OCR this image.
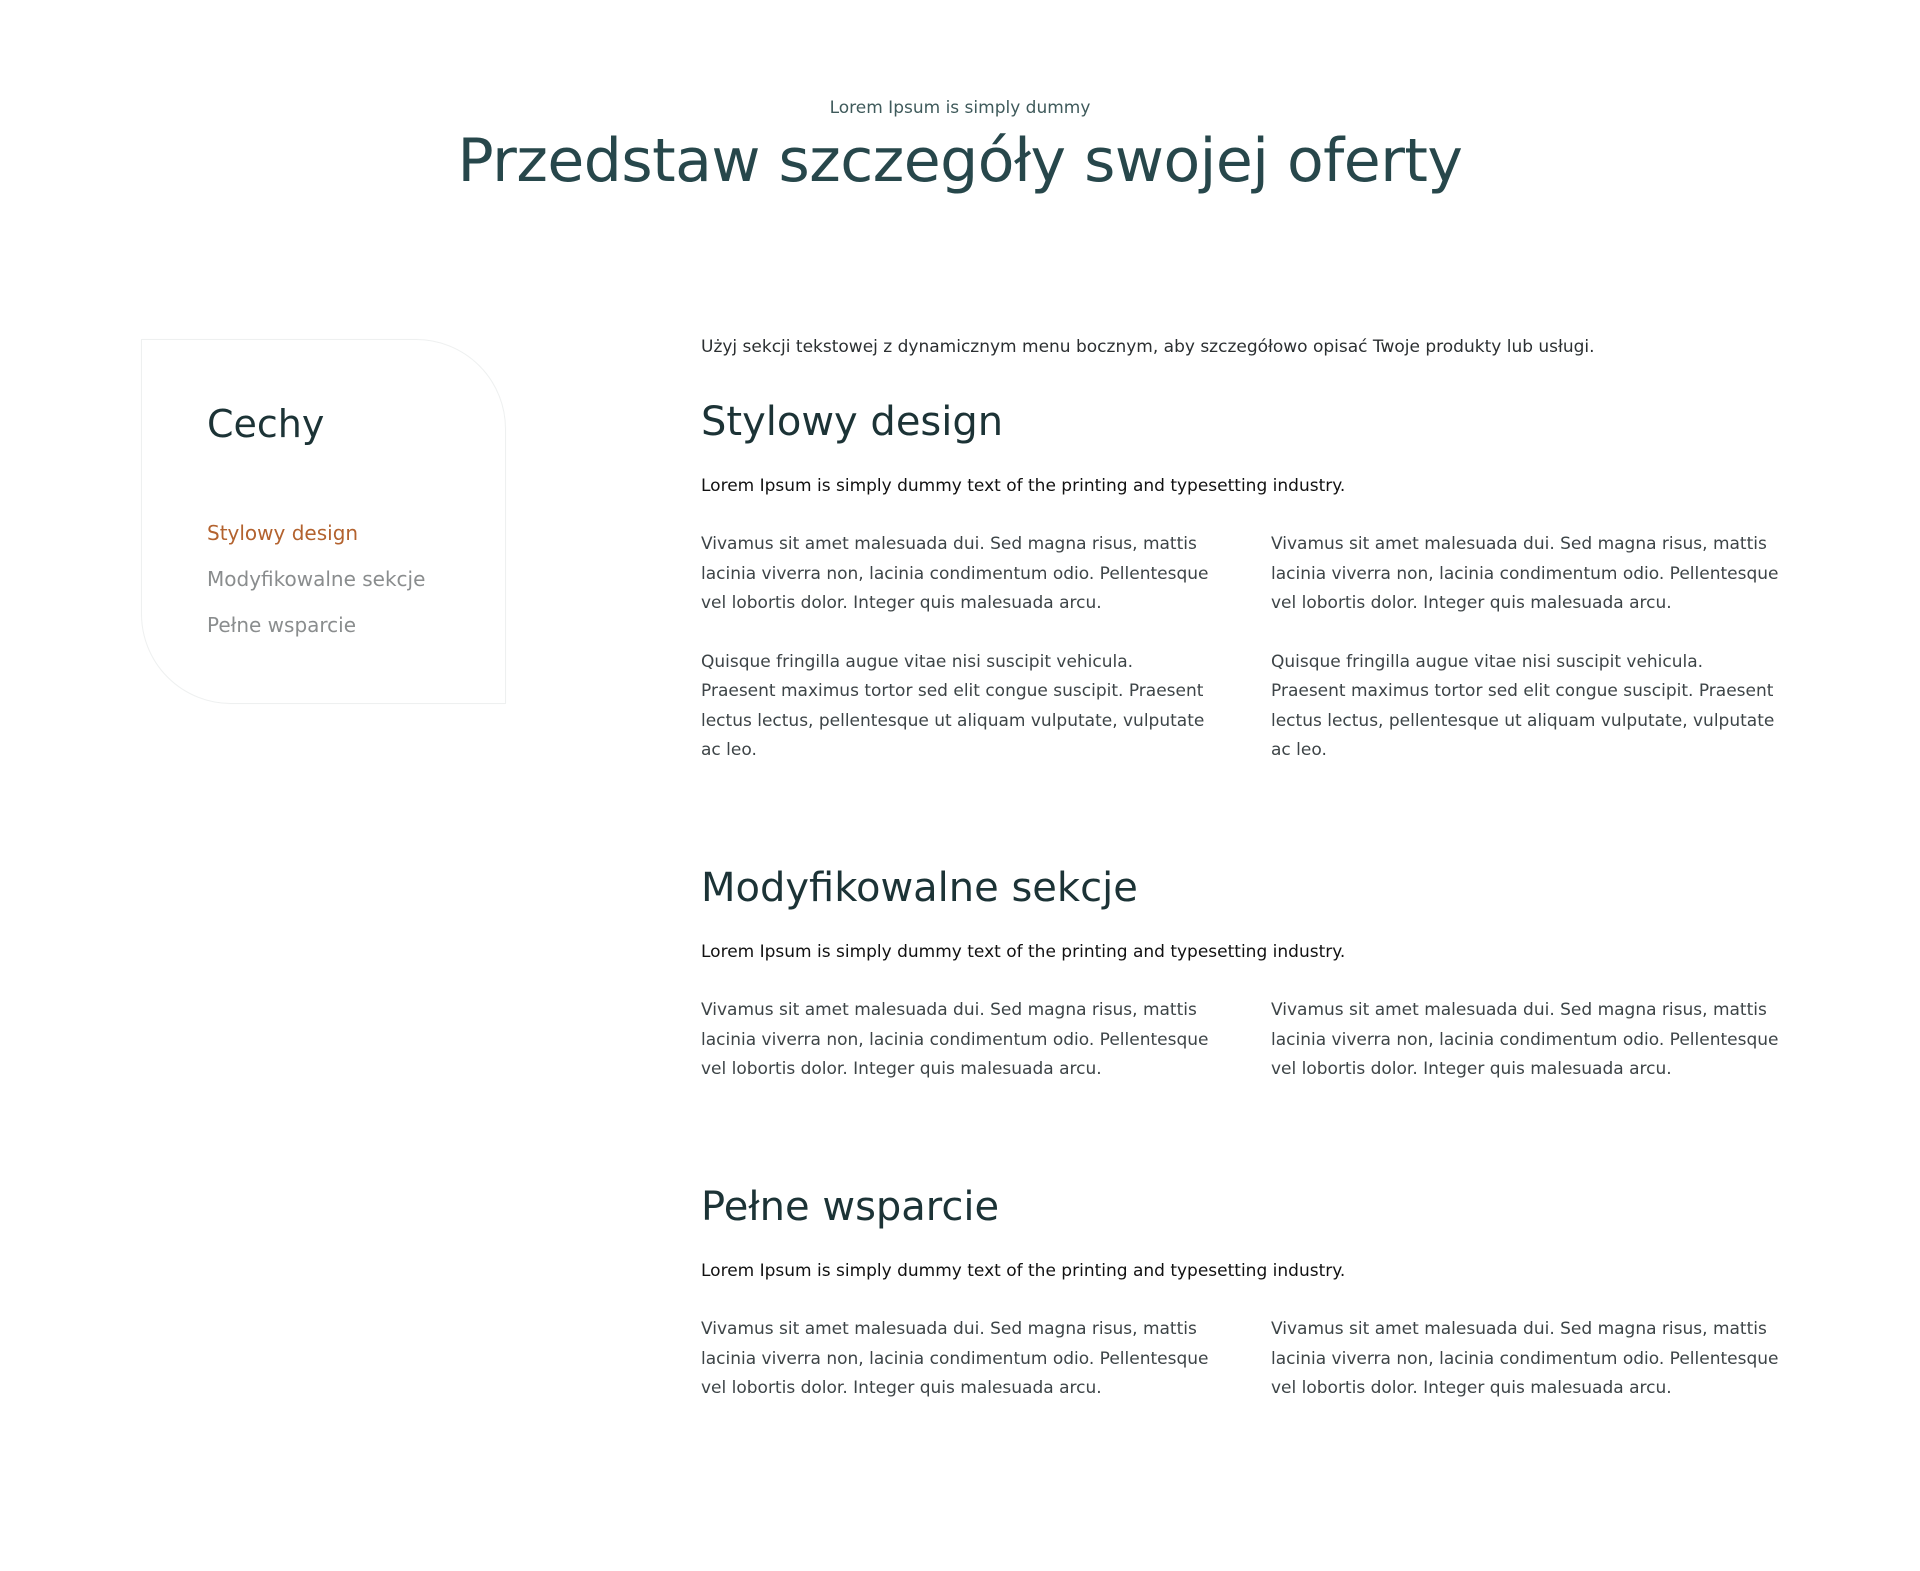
Lorem Ipsum is simply dummy
Przedstaw szczegóły swojej oferty
Cechy
Stylowy design
Modyfikowalne sekcje
Pełne wsparcie

Użyj sekcji tekstowej z dynamicznym menu bocznym, aby szczegółowo opisać Twoje produkty lub usługi.

Stylowy design

Lorem Ipsum is simply dummy text of the printing and typesetting industry.

Vivamus sit amet malesuada dui. Sed magna risus, mattis lacinia viverra non, lacinia condimentum odio. Pellentesque vel lobortis dolor. Integer quis malesuada arcu.

Quisque fringilla augue vitae nisi suscipit vehicula. Praesent maximus tortor sed elit congue suscipit. Praesent lectus lectus, pellentesque ut aliquam vulputate, vulputate ac leo.

Vivamus sit amet malesuada dui. Sed magna risus, mattis lacinia viverra non, lacinia condimentum odio. Pellentesque vel lobortis dolor. Integer quis malesuada arcu.

Quisque fringilla augue vitae nisi suscipit vehicula. Praesent maximus tortor sed elit congue suscipit. Praesent lectus lectus, pellentesque ut aliquam vulputate, vulputate ac leo.

Modyfikowalne sekcje

Lorem Ipsum is simply dummy text of the printing and typesetting industry.

Vivamus sit amet malesuada dui. Sed magna risus, mattis lacinia viverra non, lacinia condimentum odio. Pellentesque vel lobortis dolor. Integer quis malesuada arcu.

Vivamus sit amet malesuada dui. Sed magna risus, mattis lacinia viverra non, lacinia condimentum odio. Pellentesque vel lobortis dolor. Integer quis malesuada arcu.

Pełne wsparcie

Lorem Ipsum is simply dummy text of the printing and typesetting industry.

Vivamus sit amet malesuada dui. Sed magna risus, mattis lacinia viverra non, lacinia condimentum odio. Pellentesque vel lobortis dolor. Integer quis malesuada arcu.

Vivamus sit amet malesuada dui. Sed magna risus, mattis lacinia viverra non, lacinia condimentum odio. Pellentesque vel lobortis dolor. Integer quis malesuada arcu.
